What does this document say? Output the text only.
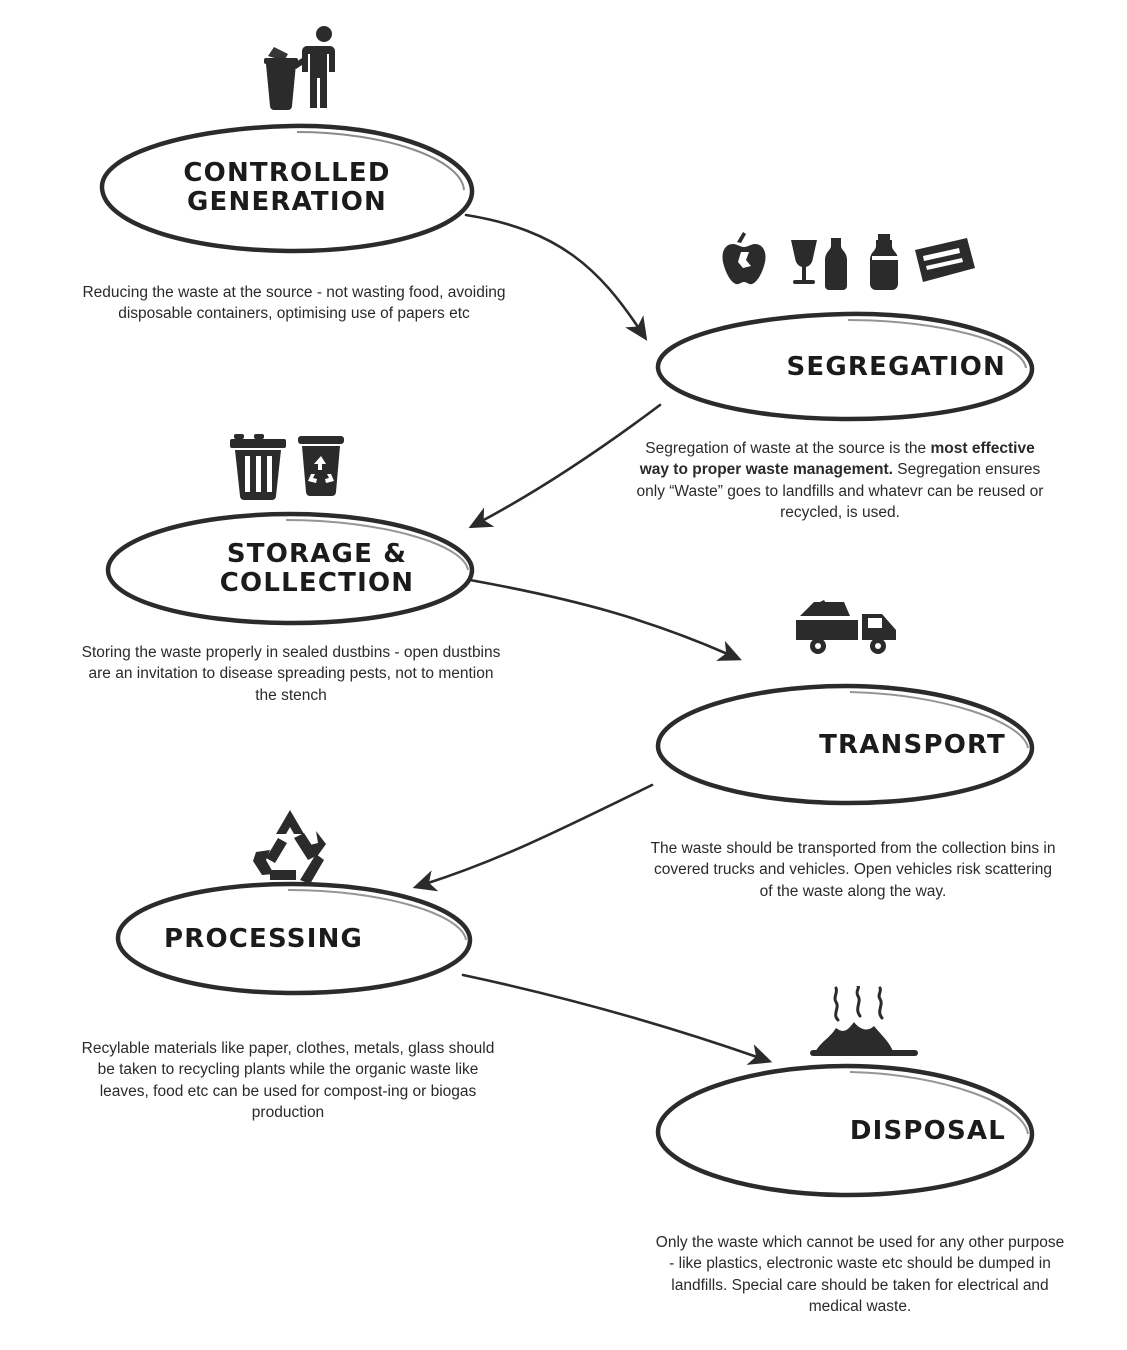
CONTROLLED GENERATION
Reducing the waste at the source - not wasting food, avoiding disposable containers, optimising use of papers etc
SEGREGATION
Segregation of waste at the source is the most effective way to proper waste management. Segregation ensures only “Waste” goes to landfills and whatevr can be reused or recycled, is used.
STORAGE & COLLECTION
Storing the waste properly in sealed dustbins - open dustbins are an invitation to disease spreading pests, not to mention the stench
TRANSPORT
The waste should be transported from the collection bins in covered trucks and vehicles. Open vehicles risk scattering of the waste along the way.
PROCESSING
Recylable materials like paper, clothes, metals, glass should be taken to recycling plants while the organic waste like leaves, food etc can be used for compost-ing or biogas production
DISPOSAL
Only the waste which cannot be used for any other purpose - like plastics, electronic waste etc should be dumped in landfills. Special care should be taken for electrical and medical waste.
